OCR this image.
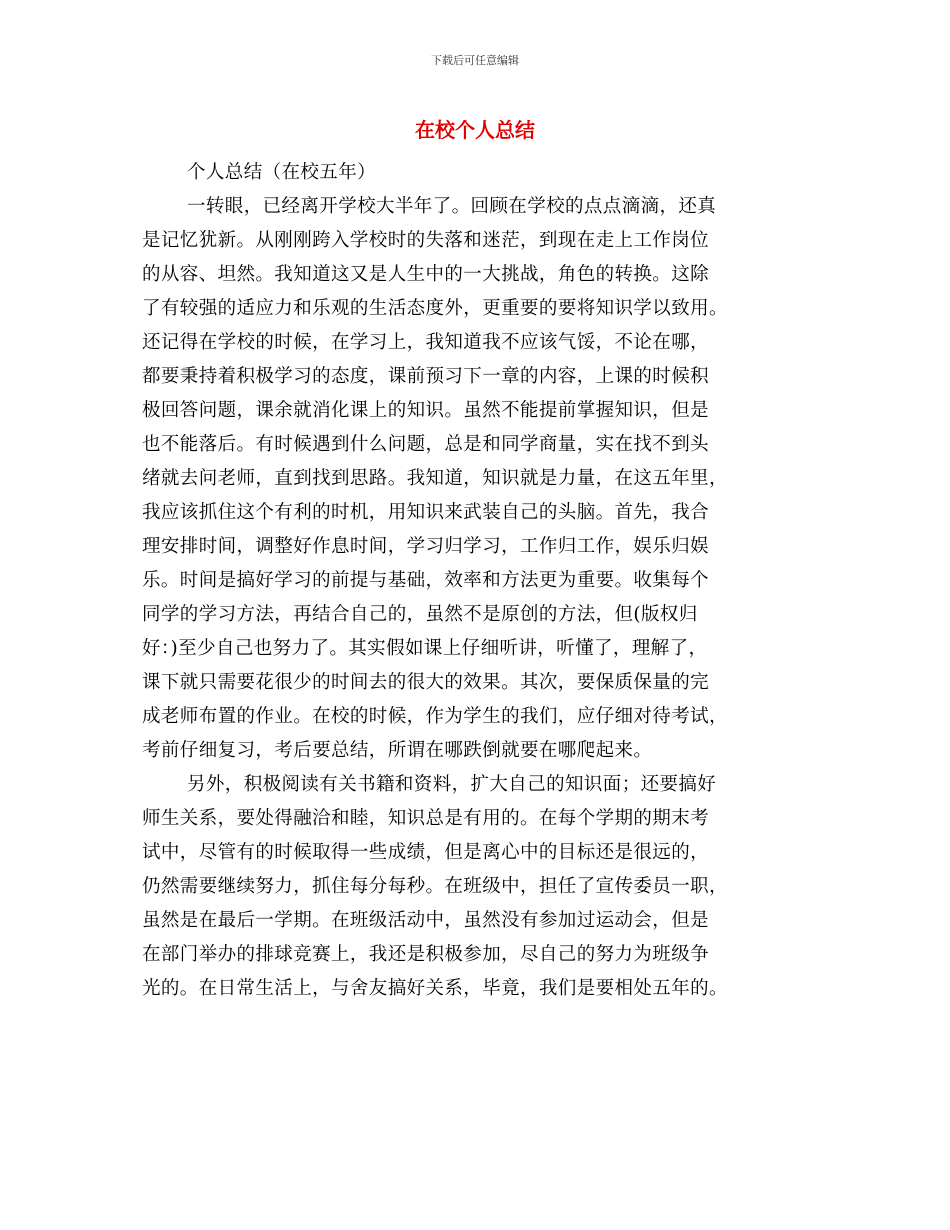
下载后可任意编辑
在校个人总结
个人总结（在校五年）
一转眼，已经离开学校大半年了。回顾在学校的点点滴滴，还真
是记忆犹新。从刚刚跨入学校时的失落和迷茫，到现在走上工作岗位
的从容、坦然。我知道这又是人生中的一大挑战，角色的转换。这除
了有较强的适应力和乐观的生活态度外，更重要的要将知识学以致用。
还记得在学校的时候，在学习上，我知道我不应该气馁，不论在哪，
都要秉持着积极学习的态度，课前预习下一章的内容，上课的时候积
极回答问题，课余就消化课上的知识。虽然不能提前掌握知识，但是
也不能落后。有时候遇到什么问题，总是和同学商量，实在找不到头
绪就去问老师，直到找到思路。我知道，知识就是力量，在这五年里，
我应该抓住这个有利的时机，用知识来武装自己的头脑。首先，我合
理安排时间，调整好作息时间，学习归学习，工作归工作，娱乐归娱
乐。时间是搞好学习的前提与基础，效率和方法更为重要。收集每个
同学的学习方法，再结合自己的，虽然不是原创的方法，但(版权归
好：)至少自己也努力了。其实假如课上仔细听讲，听懂了，理解了，
课下就只需要花很少的时间去的很大的效果。其次，要保质保量的完
成老师布置的作业。在校的时候，作为学生的我们，应仔细对待考试，
考前仔细复习，考后要总结，所谓在哪跌倒就要在哪爬起来。
另外，积极阅读有关书籍和资料，扩大自己的知识面；还要搞好
师生关系，要处得融洽和睦，知识总是有用的。在每个学期的期末考
试中，尽管有的时候取得一些成绩，但是离心中的目标还是很远的，
仍然需要继续努力，抓住每分每秒。在班级中，担任了宣传委员一职，
虽然是在最后一学期。在班级活动中，虽然没有参加过运动会，但是
在部门举办的排球竞赛上，我还是积极参加，尽自己的努力为班级争
光的。在日常生活上，与舍友搞好关系，毕竟，我们是要相处五年的。
